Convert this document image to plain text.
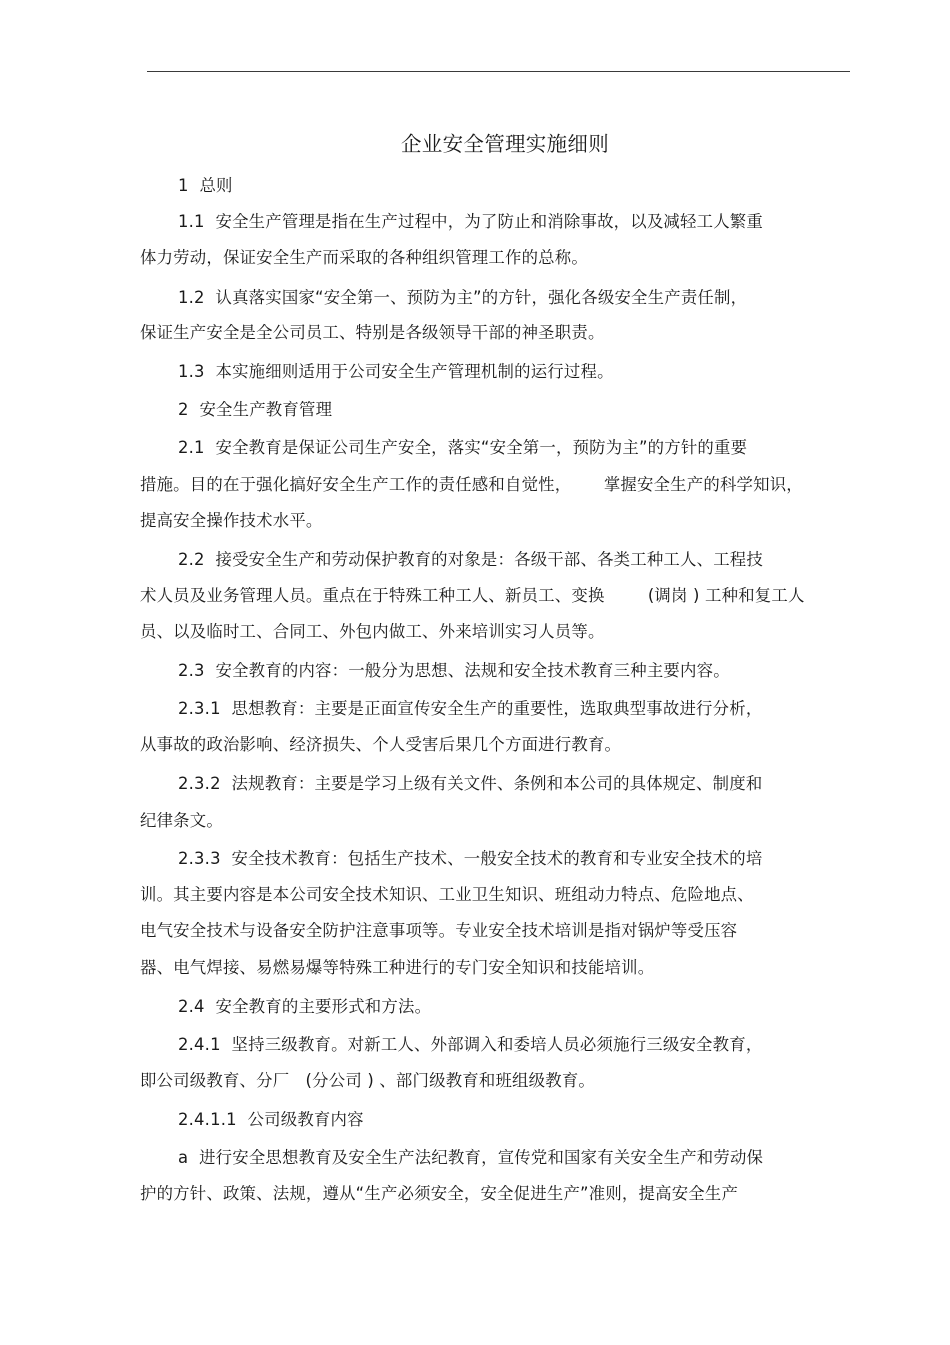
企业安全管理实施细则
1  总则
1.1  安全生产管理是指在生产过程中，为了防止和消除事故，以及减轻工人繁重
体力劳动，保证安全生产而采取的各种组织管理工作的总称。
1.2  认真落实国家“安全第一、预防为主”的方针，强化各级安全生产责任制，
保证生产安全是全公司员工、特别是各级领导干部的神圣职责。
1.3  本实施细则适用于公司安全生产管理机制的运行过程。
2  安全生产教育管理
2.1  安全教育是保证公司生产安全，落实“安全第一，预防为主”的方针的重要
措施。目的在于强化搞好安全生产工作的责任感和自觉性，      掌握安全生产的科学知识，
提高安全操作技术水平。
2.2  接受安全生产和劳动保护教育的对象是：各级干部、各类工种工人、工程技
术人员及业务管理人员。重点在于特殊工种工人、新员工、变换        (调岗 ) 工种和复工人
员、以及临时工、合同工、外包内做工、外来培训实习人员等。
2.3  安全教育的内容：一般分为思想、法规和安全技术教育三种主要内容。
2.3.1  思想教育：主要是正面宣传安全生产的重要性，选取典型事故进行分析，
从事故的政治影响、经济损失、个人受害后果几个方面进行教育。
2.3.2  法规教育：主要是学习上级有关文件、条例和本公司的具体规定、制度和
纪律条文。
2.3.3  安全技术教育：包括生产技术、一般安全技术的教育和专业安全技术的培
训。其主要内容是本公司安全技术知识、工业卫生知识、班组动力特点、危险地点、
电气安全技术与设备安全防护注意事项等。专业安全技术培训是指对锅炉等受压容
器、电气焊接、易燃易爆等特殊工种进行的专门安全知识和技能培训。
2.4  安全教育的主要形式和方法。
2.4.1  坚持三级教育。对新工人、外部调入和委培人员必须施行三级安全教育，
即公司级教育、分厂   (分公司 ) 、部门级教育和班组级教育。
2.4.1.1  公司级教育内容
a  进行安全思想教育及安全生产法纪教育，宣传党和国家有关安全生产和劳动保
护的方针、政策、法规，遵从“生产必须安全，安全促进生产”准则，提高安全生产
